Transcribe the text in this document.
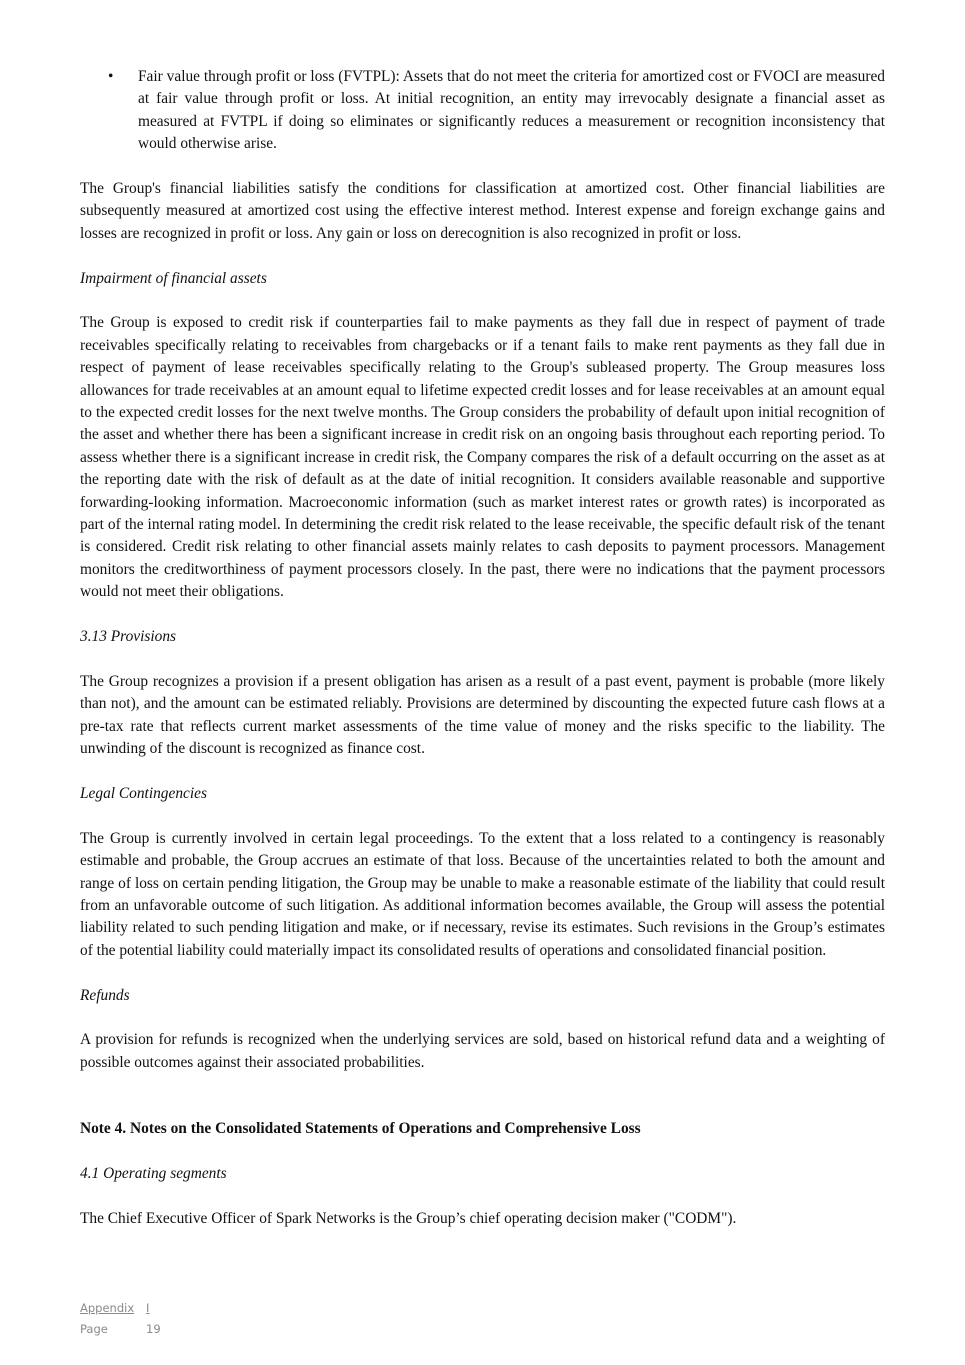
•	Fair value through profit or loss (FVTPL): Assets that do not meet the criteria for amortized cost or FVOCI are measured at fair value through profit or loss. At initial recognition, an entity may irrevocably designate a financial asset as measured at FVTPL if doing so eliminates or significantly reduces a measurement or recognition inconsistency that would otherwise arise.

The Group's financial liabilities satisfy the conditions for classification at amortized cost. Other financial liabilities are subsequently measured at amortized cost using the effective interest method. Interest expense and foreign exchange gains and losses are recognized in profit or loss. Any gain or loss on derecognition is also recognized in profit or loss.

Impairment of financial assets

The Group is exposed to credit risk if counterparties fail to make payments as they fall due in respect of payment of trade receivables specifically relating to receivables from chargebacks or if a tenant fails to make rent payments as they fall due in respect of payment of lease receivables specifically relating to the Group's subleased property. The Group measures loss allowances for trade receivables at an amount equal to lifetime expected credit losses and for lease receivables at an amount equal to the expected credit losses for the next twelve months. The Group considers the probability of default upon initial recognition of the asset and whether there has been a significant increase in credit risk on an ongoing basis throughout each reporting period. To assess whether there is a significant increase in credit risk, the Company compares the risk of a default occurring on the asset as at the reporting date with the risk of default as at the date of initial recognition. It considers available reasonable and supportive forwarding-looking information. Macroeconomic information (such as market interest rates or growth rates) is incorporated as part of the internal rating model. In determining the credit risk related to the lease receivable, the specific default risk of the tenant is considered. Credit risk relating to other financial assets mainly relates to cash deposits to payment processors. Management monitors the creditworthiness of payment processors closely. In the past, there were no indications that the payment processors would not meet their obligations.

3.13 Provisions

The Group recognizes a provision if a present obligation has arisen as a result of a past event, payment is probable (more likely than not), and the amount can be estimated reliably. Provisions are determined by discounting the expected future cash flows at a pre-tax rate that reflects current market assessments of the time value of money and the risks specific to the liability. The unwinding of the discount is recognized as finance cost.

Legal Contingencies

The Group is currently involved in certain legal proceedings. To the extent that a loss related to a contingency is reasonably estimable and probable, the Group accrues an estimate of that loss. Because of the uncertainties related to both the amount and range of loss on certain pending litigation, the Group may be unable to make a reasonable estimate of the liability that could result from an unfavorable outcome of such litigation. As additional information becomes available, the Group will assess the potential liability related to such pending litigation and make, or if necessary, revise its estimates. Such revisions in the Group’s estimates of the potential liability could materially impact its consolidated results of operations and consolidated financial position.

Refunds

A provision for refunds is recognized when the underlying services are sold, based on historical refund data and a weighting of possible outcomes against their associated probabilities.

Note 4. Notes on the Consolidated Statements of Operations and Comprehensive Loss

4.1 Operating segments

The Chief Executive Officer of Spark Networks is the Group’s chief operating decision maker ("CODM").

Appendix	I
Page	19
